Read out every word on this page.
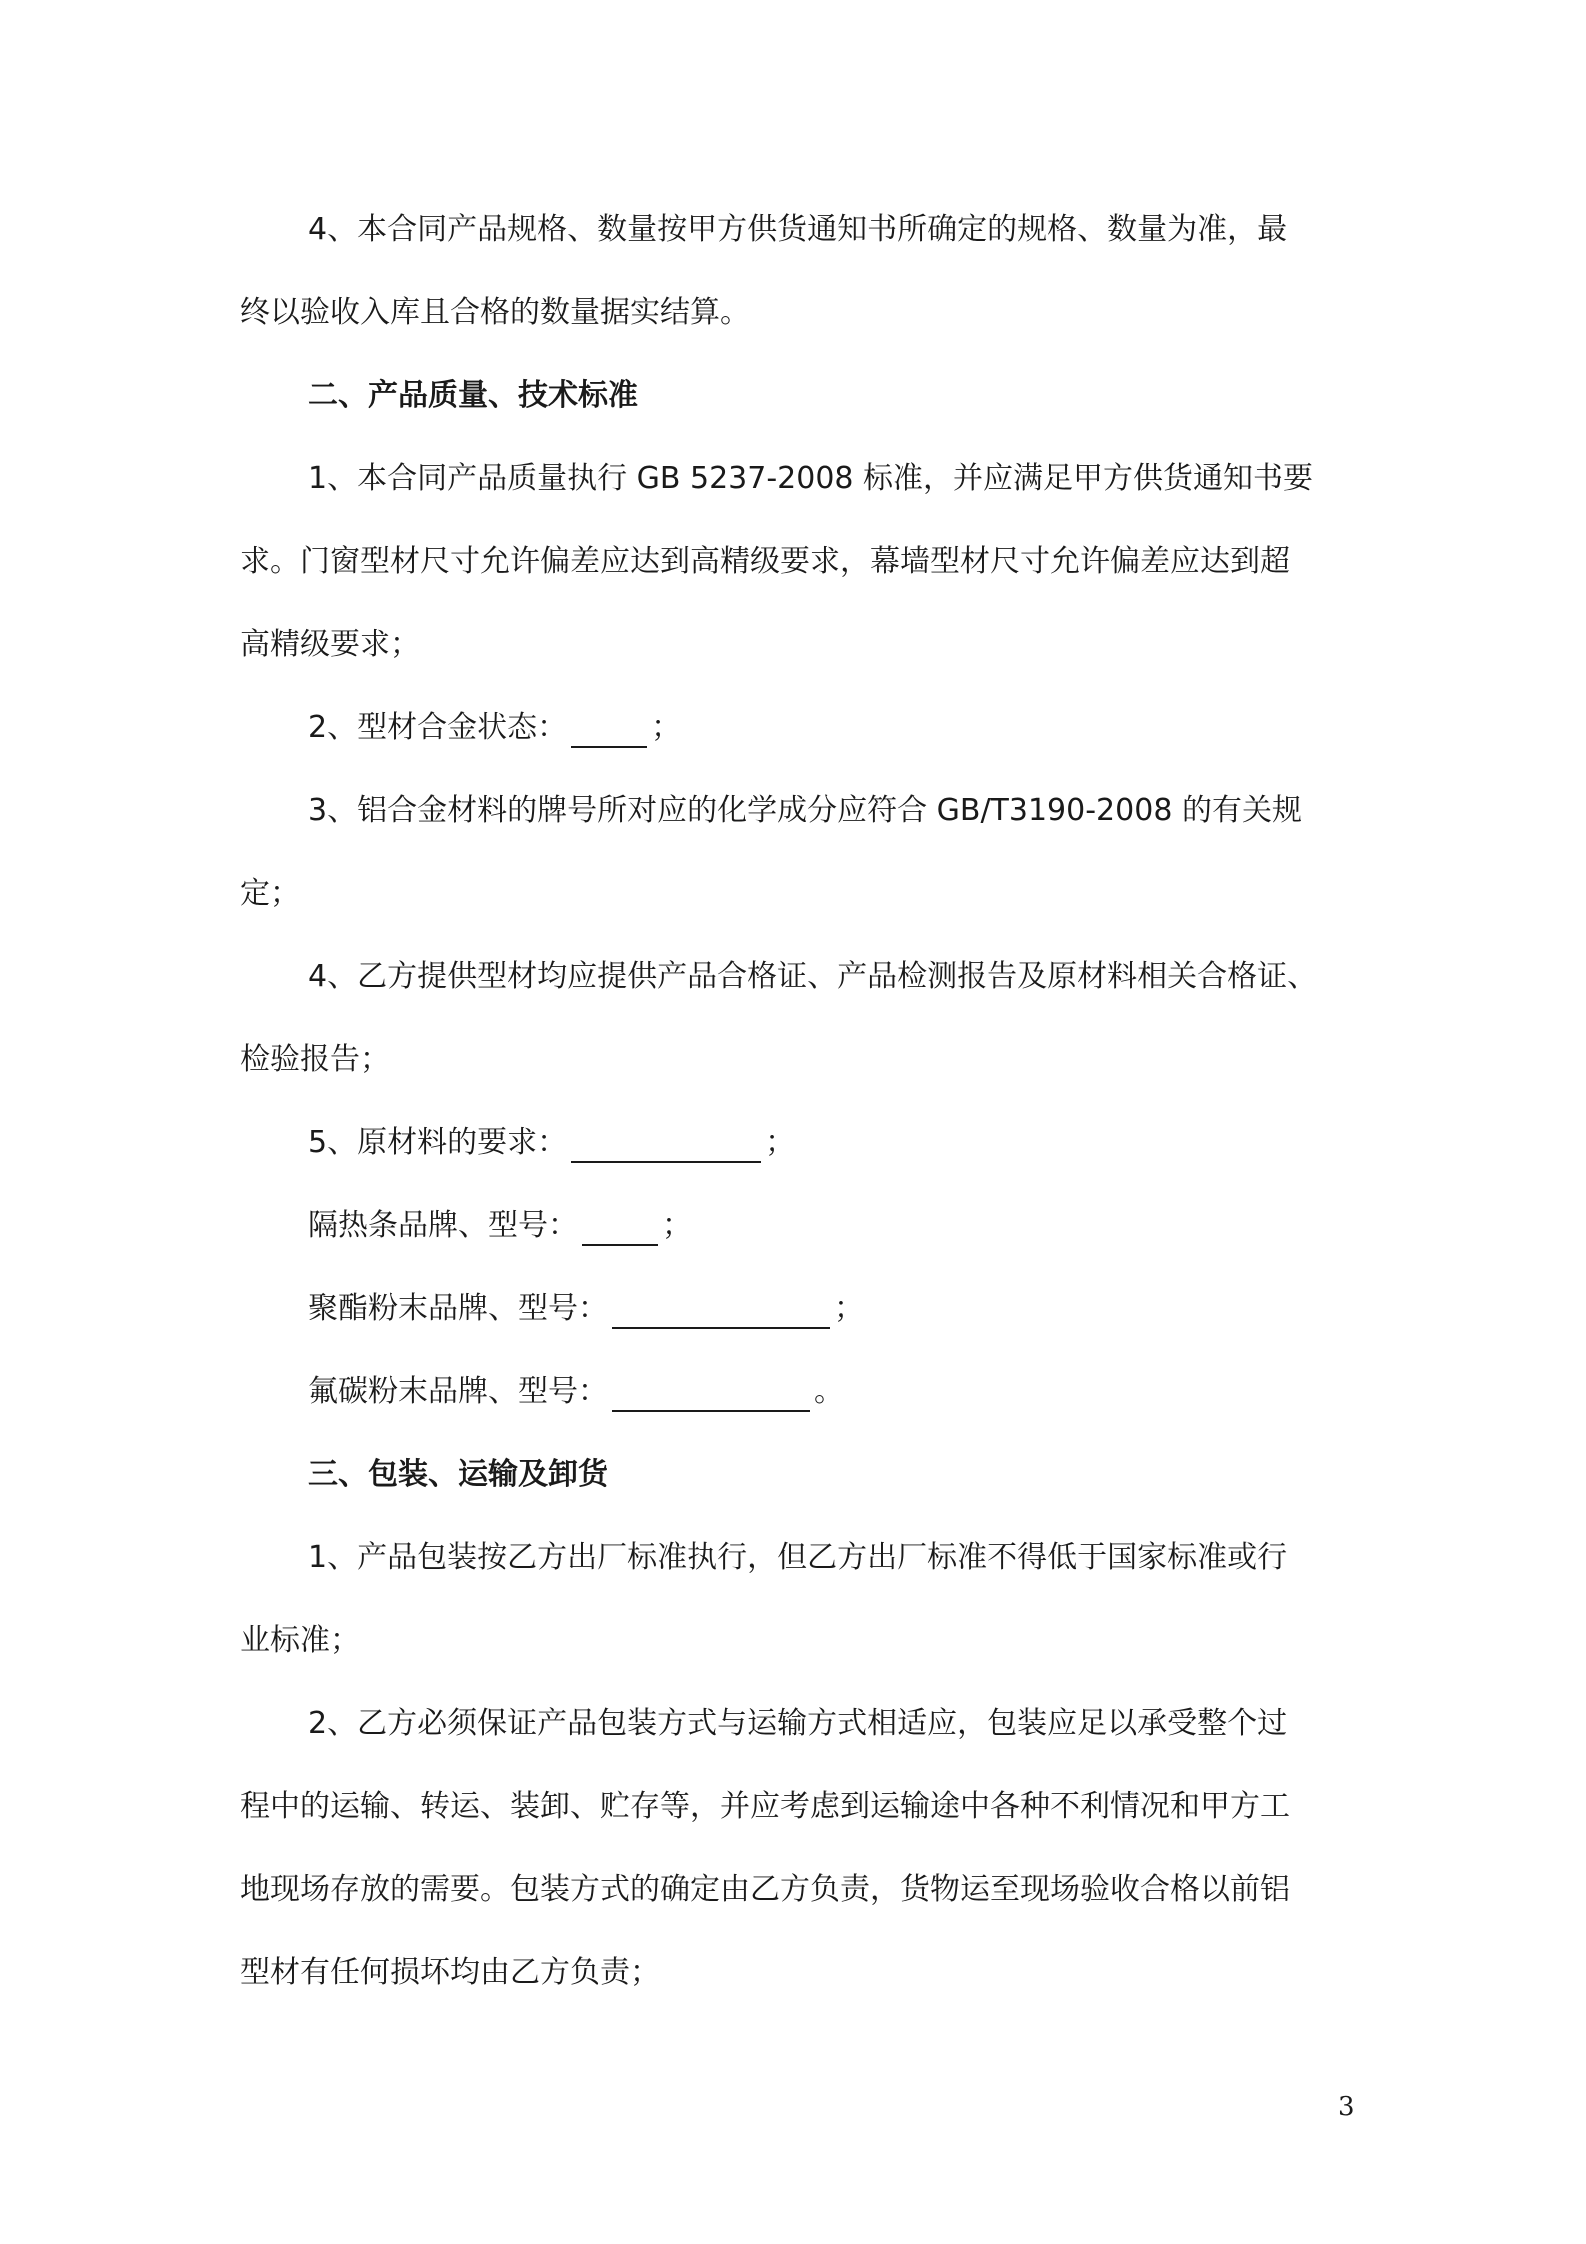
4、本合同产品规格、数量按甲方供货通知书所确定的规格、数量为准，最
终以验收入库且合格的数量据实结算。
二、产品质量、技术标准
1、本合同产品质量执行 GB 5237-2008 标准，并应满足甲方供货通知书要
求。门窗型材尺寸允许偏差应达到高精级要求，幕墙型材尺寸允许偏差应达到超
高精级要求；
2、型材合金状态：	；
3、铝合金材料的牌号所对应的化学成分应符合 GB/T3190-2008 的有关规
定；
4、乙方提供型材均应提供产品合格证、产品检测报告及原材料相关合格证、
检验报告；
5、原材料的要求：	；
隔热条品牌、型号：	；
聚酯粉末品牌、型号：	；
氟碳粉末品牌、型号：	。
三、包装、运输及卸货
1、产品包装按乙方出厂标准执行，但乙方出厂标准不得低于国家标准或行
业标准；
2、乙方必须保证产品包装方式与运输方式相适应，包装应足以承受整个过
程中的运输、转运、装卸、贮存等，并应考虑到运输途中各种不利情况和甲方工
地现场存放的需要。包装方式的确定由乙方负责，货物运至现场验收合格以前铝
型材有任何损坏均由乙方负责；
3
